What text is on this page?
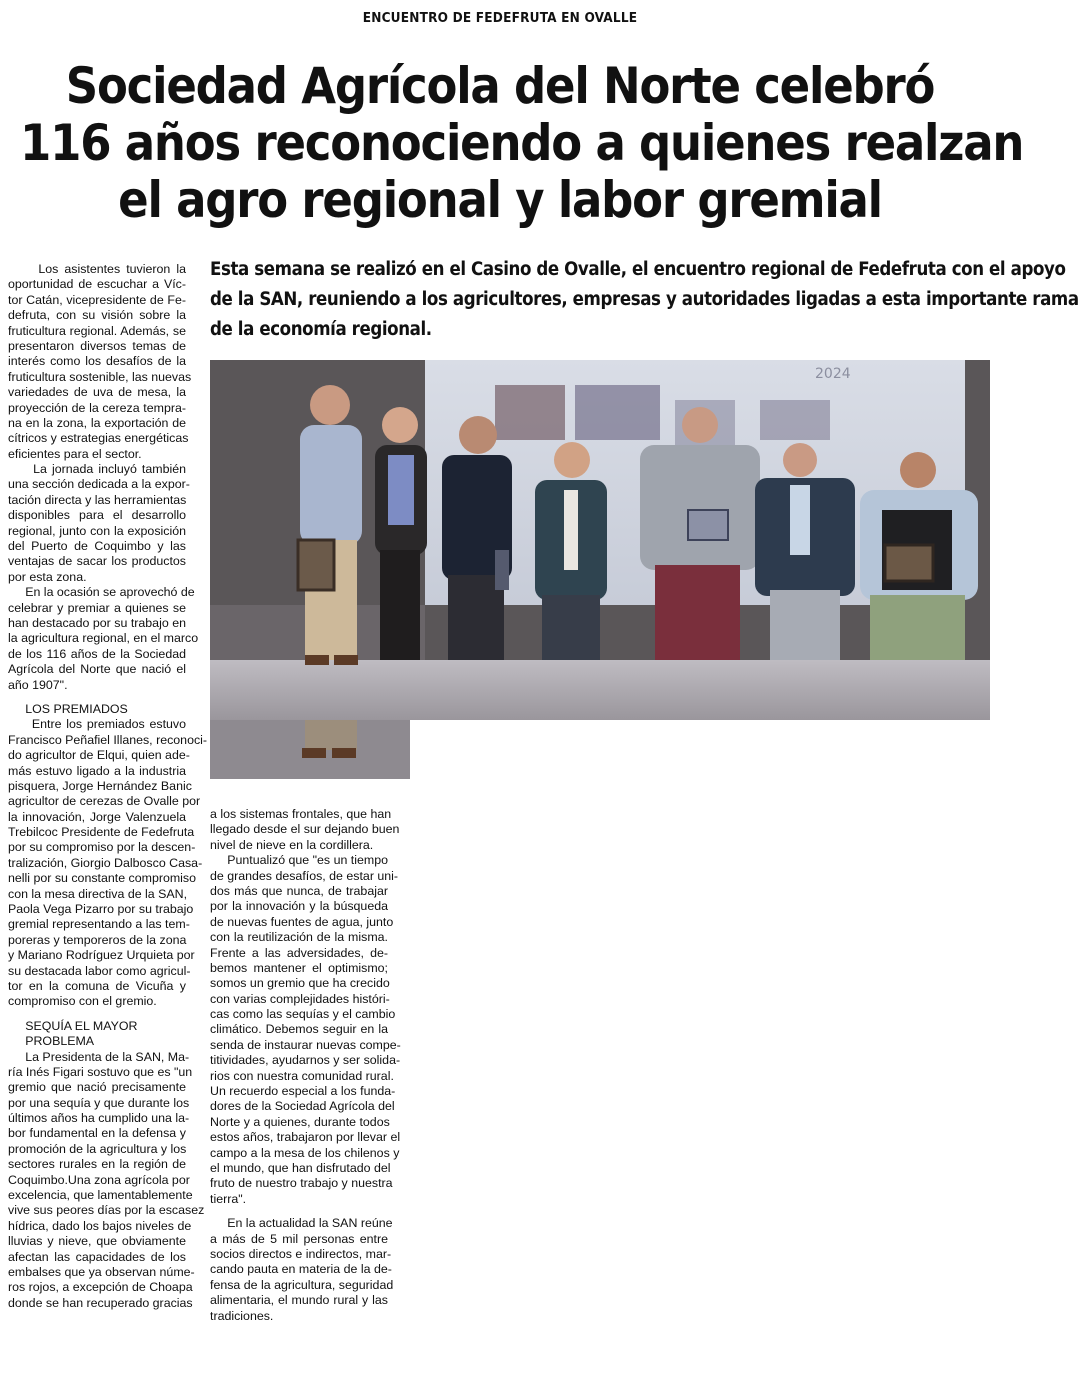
ENCUENTRO DE FEDEFRUTA EN OVALLE
Sociedad Agrícola del Norte celebró
116 años reconociendo a quienes realzan
el agro regional y labor gremial

Esta semana se realizó en el Casino de Ovalle, el encuentro regional de Fedefruta con el apoyo
de la SAN, reuniendo a los agricultores, empresas y autoridades ligadas a esta importante rama
de la economía regional.

Los asistentes tuvieron la
oportunidad de escuchar a Víc-
tor Catán, vicepresidente de Fe-
defruta, con su visión sobre la
fruticultura regional. Además, se
presentaron diversos temas de
interés como los desafíos de la
fruticultura sostenible, las nuevas
variedades de uva de mesa, la
proyección de la cereza tempra-
na en la zona, la exportación de
cítricos y estrategias energéticas
eficientes para el sector.
La jornada incluyó también
una sección dedicada a la expor-
tación directa y las herramientas
disponibles para el desarrollo
regional, junto con la exposición
del Puerto de Coquimbo y las
ventajas de sacar los productos
por esta zona.
En la ocasión se aprovechó de
celebrar y premiar a quienes se
han destacado por su trabajo en
la agricultura regional, en el marco
de los 116 años de la Sociedad
Agrícola del Norte que nació el
año 1907".
LOS PREMIADOS
Entre los premiados estuvo
Francisco Peñafiel Illanes, reconoci-
do agricultor de Elqui, quien ade-
más estuvo ligado a la industria
pisquera, Jorge Hernández Banic
agricultor de cerezas de Ovalle por
la innovación, Jorge Valenzuela
Trebilcoc Presidente de Fedefruta
por su compromiso por la descen-
tralización, Giorgio Dalbosco Casa-
nelli por su constante compromiso
con la mesa directiva de la SAN,
Paola Vega Pizarro por su trabajo
gremial representando a las tem-
poreras y temporeros de la zona
y Mariano Rodríguez Urquieta por
su destacada labor como agricul-
tor en la comuna de Vicuña y
compromiso con el gremio.
SEQUÍA EL MAYOR
PROBLEMA
La Presidenta de la SAN, Ma-
ría Inés Figari sostuvo que es "un
gremio que nació precisamente
por una sequía y que durante los
últimos años ha cumplido una la-
bor fundamental en la defensa y
promoción de la agricultura y los
sectores rurales en la región de
Coquimbo.Una zona agrícola por
excelencia, que lamentablemente
vive sus peores días por la escasez
hídrica, dado los bajos niveles de
lluvias y nieve, que obviamente
afectan las capacidades de los
embalses que ya observan núme-
ros rojos, a excepción de Choapa
donde se han recuperado gracias
a los sistemas frontales, que han
llegado desde el sur dejando buen
nivel de nieve en la cordillera.
Puntualizó que "es un tiempo
de grandes desafíos, de estar uni-
dos más que nunca, de trabajar
por la innovación y la búsqueda
de nuevas fuentes de agua, junto
con la reutilización de la misma.
Frente a las adversidades, de-
bemos mantener el optimismo;
somos un gremio que ha crecido
con varias complejidades históri-
cas como las sequías y el cambio
climático. Debemos seguir en la
senda de instaurar nuevas compe-
titividades, ayudarnos y ser solida-
rios con nuestra comunidad rural.
Un recuerdo especial a los funda-
dores de la Sociedad Agrícola del
Norte y a quienes, durante todos
estos años, trabajaron por llevar el
campo a la mesa de los chilenos y
el mundo, que han disfrutado del
fruto de nuestro trabajo y nuestra
tierra".
En la actualidad la SAN reúne
a más de 5 mil personas entre
socios directos e indirectos, mar-
cando pauta en materia de la de-
fensa de la agricultura, seguridad
alimentaria, el mundo rural y las
tradiciones.
2024
